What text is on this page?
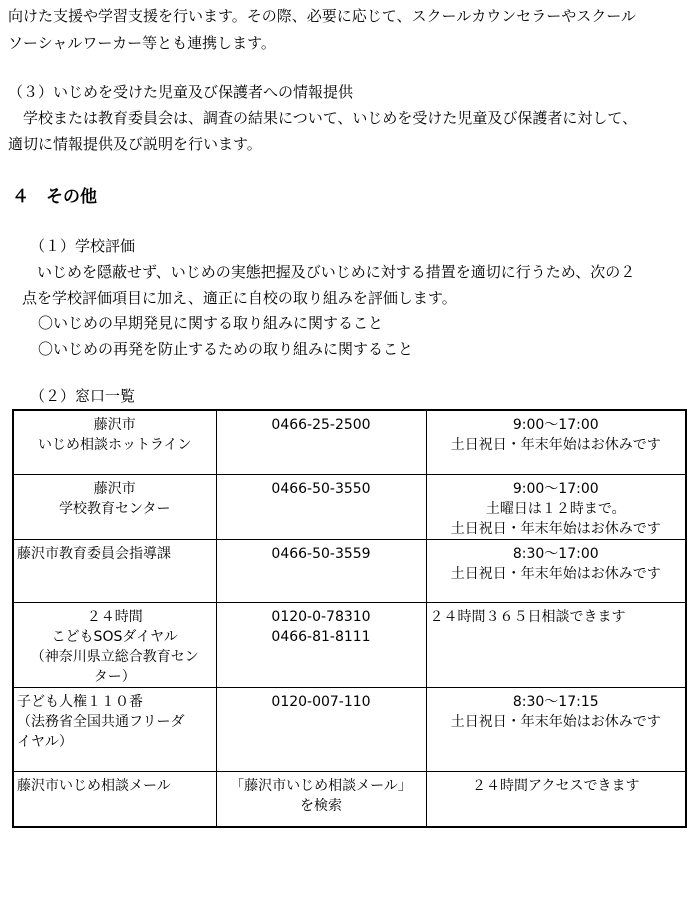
向けた支援や学習支援を行います。その際、必要に応じて、スクールカウンセラーやスクール
ソーシャルワーカー等とも連携します。
（３）いじめを受けた児童及び保護者への情報提供
　学校または教育委員会は、調査の結果について、いじめを受けた児童及び保護者に対して、
適切に情報提供及び説明を行います。
４　その他
（１）学校評価
　いじめを隠蔽せず、いじめの実態把握及びいじめに対する措置を適切に行うため、次の２
点を学校評価項目に加え、適正に自校の取り組みを評価します。
〇いじめの早期発見に関する取り組みに関すること
〇いじめの再発を防止するための取り組みに関すること
（２）窓口一覧
藤沢市
いじめ相談ホットライン	0466-25-2500	9:00～17:00
土日祝日・年末年始はお休みです

藤沢市
学校教育センター	0466-50-3550	9:00～17:00
土曜日は１２時まで。
土日祝日・年末年始はお休みです

藤沢市教育委員会指導課	0466-50-3559	8:30～17:00
土日祝日・年末年始はお休みです

２４時間
こどもSOSダイヤル
（神奈川県立総合教育セン
ター）	0120-0-78310
0466-81-8111	２４時間３６５日相談できます

子ども人権１１０番
（法務省全国共通フリーダ
イヤル）	0120-007-110	8:30～17:15
土日祝日・年末年始はお休みです

藤沢市いじめ相談メール	「藤沢市いじめ相談メール」
を検索	２４時間アクセスできます
